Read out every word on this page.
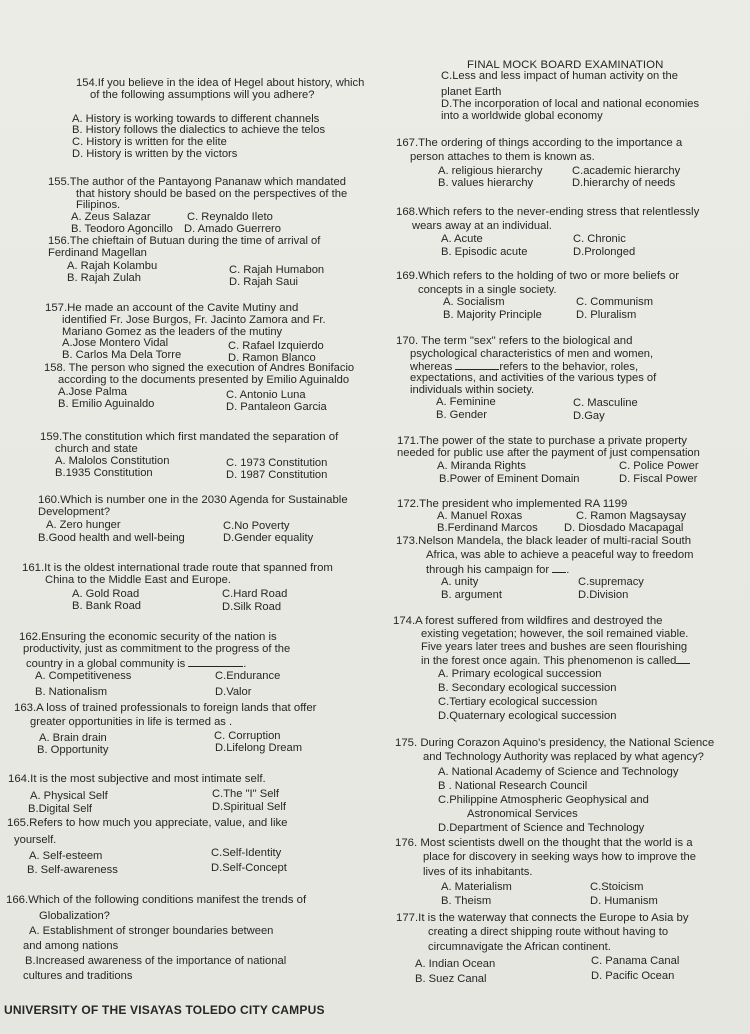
FINAL MOCK BOARD EXAMINATION
154.If you believe in the idea of Hegel about history, which
of the following assumptions will you adhere?
A. History is working towards to different channels
B. History follows the dialectics to achieve the telos
C. History is written for the elite
D. History is written by the victors
155.The author of the Pantayong Pananaw which mandated
that history should be based on the perspectives of the
Filipinos.
A. Zeus Salazar	C. Reynaldo Ileto
B. Teodoro Agoncillo D. Amado Guerrero
156.The chieftain of Butuan during the time of arrival of
Ferdinand Magellan
A. Rajah Kolambu	C. Rajah Humabon
B. Rajah Zulah	D. Rajah Saui
157.He made an account of the Cavite Mutiny and
identified Fr. Jose Burgos, Fr. Jacinto Zamora and Fr.
Mariano Gomez as the leaders of the mutiny
A.Jose Montero Vidal	C. Rafael Izquierdo
B. Carlos Ma Dela Torre	D. Ramon Blanco
158. The person who signed the execution of Andres Bonifacio
according to the documents presented by Emilio Aguinaldo
A.Jose Palma	C. Antonio Luna
B. Emilio Aguinaldo	D. Pantaleon Garcia
159.The constitution which first mandated the separation of
church and state
A. Malolos Constitution	C. 1973 Constitution
B.1935 Constitution	D. 1987 Constitution
160.Which is number one in the 2030 Agenda for Sustainable
Development?
A. Zero hunger	C.No Poverty
B.Good health and well-being	D.Gender equality
161.It is the oldest international trade route that spanned from
China to the Middle East and Europe.
A. Gold Road	C.Hard Road
B. Bank Road	D.Silk Road
162.Ensuring the economic security of the nation is
productivity, just as commitment to the progress of the
country in a global community is	.
A. Competitiveness	C.Endurance
B. Nationalism	D.Valor
163.A loss of trained professionals to foreign lands that offer
greater opportunities in life is termed as .
A. Brain drain	C. Corruption
B. Opportunity	D.Lifelong Dream
164.It is the most subjective and most intimate self.
A. Physical Self	C.The "I" Self
B.Digital Self	D.Spiritual Self
165.Refers to how much you appreciate, value, and like
yourself.
A. Self-esteem	C.Self-Identity
B. Self-awareness	D.Self-Concept
166.Which of the following conditions manifest the trends of
Globalization?
A. Establishment of stronger boundaries between
and among nations
B.Increased awareness of the importance of national
cultures and traditions
C.Less and less impact of human activity on the
planet Earth
D.The incorporation of local and national economies
into a worldwide global economy
167.The ordering of things according to the importance a
person attaches to them is known as.
A. religious hierarchy	C.academic hierarchy
B. values hierarchy	D.hierarchy of needs
168.Which refers to the never-ending stress that relentlessly
wears away at an individual.
A. Acute	C. Chronic
B. Episodic acute	D.Prolonged
169.Which refers to the holding of two or more beliefs or
concepts in a single society.
A. Socialism	C. Communism
B. Majority Principle	D. Pluralism
170. The term "sex" refers to the biological and
psychological characteristics of men and women,
whereas	refers to the behavior, roles,
expectations, and activities of the various types of
individuals within society.
A. Feminine	C. Masculine
B. Gender	D.Gay
171.The power of the state to purchase a private property
needed for public use after the payment of just compensation
A. Miranda Rights	C. Police Power
B.Power of Eminent Domain	D. Fiscal Power
172.The president who implemented RA 1199
A. Manuel Roxas	C. Ramon Magsaysay
B.Ferdinand Marcos D. Diosdado Macapagal
173.Nelson Mandela, the black leader of multi-racial South
Africa, was able to achieve a peaceful way to freedom
through his campaign for .
A. unity	C.supremacy
B. argument	D.Division
174.A forest suffered from wildfires and destroyed the
existing vegetation; however, the soil remained viable.
Five years later trees and bushes are seen flourishing
in the forest once again. This phenomenon is called
A. Primary ecological succession
B. Secondary ecological succession
C.Tertiary ecological succession
D.Quaternary ecological succession
175. During Corazon Aquino's presidency, the National Science
and Technology Authority was replaced by what agency?
A. National Academy of Science and Technology
B . National Research Council
C.Philippine Atmospheric Geophysical and
Astronomical Services
D.Department of Science and Technology
176. Most scientists dwell on the thought that the world is a
place for discovery in seeking ways how to improve the
lives of its inhabitants.
A. Materialism	C.Stoicism
B. Theism	D. Humanism
177.It is the waterway that connects the Europe to Asia by
creating a direct shipping route without having to
circumnavigate the African continent.
A. Indian Ocean	C. Panama Canal
B. Suez Canal	D. Pacific Ocean
UNIVERSITY OF THE VISAYAS TOLEDO CITY CAMPUS
